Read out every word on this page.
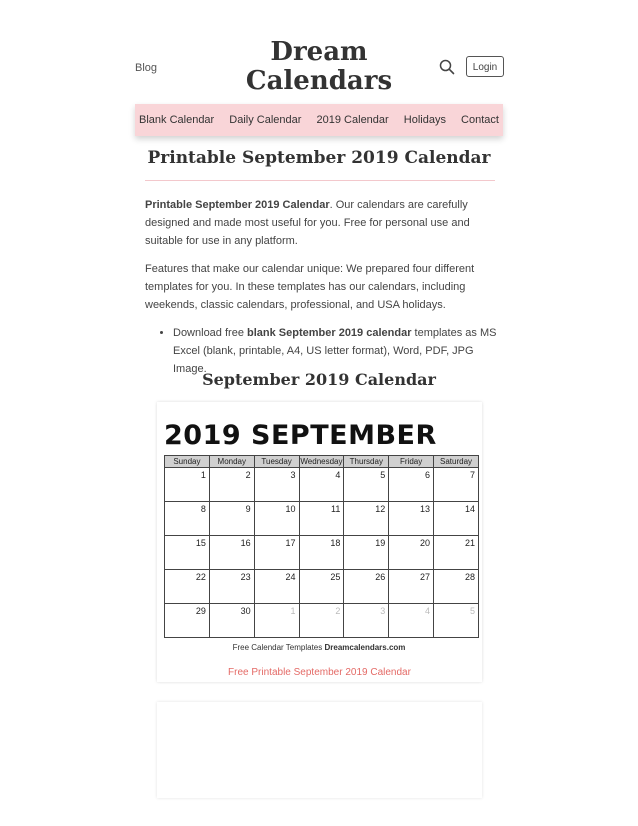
Blog
Dream
Calendars	Login
Blank Calendar Daily Calendar 2019 Calendar Holidays Contact
Printable September 2019 Calendar

Printable September 2019 Calendar. Our calendars are carefully designed and made most useful for you. Free for personal use and suitable for use in any platform.

Features that make our calendar unique: We prepared four different templates for you. In these templates has our calendars, including weekends, classic calendars, professional, and USA holidays.

• Download free blank September 2019 calendar templates as MS Excel (blank, printable, A4, US letter format), Word, PDF, JPG Image.
September 2019 Calendar
2019 SEPTEMBER
Sunday	Monday	Tuesday	Wednesday	Thursday	Friday	Saturday

1	2	3	4	5	6	7

8	9	10	11	12	13	14

15	16	17	18	19	20	21

22	23	24	25	26	27	28

29	30	1	2	3	4	5
Free Calendar Templates Dreamcalendars.com
Free Printable September 2019 Calendar
